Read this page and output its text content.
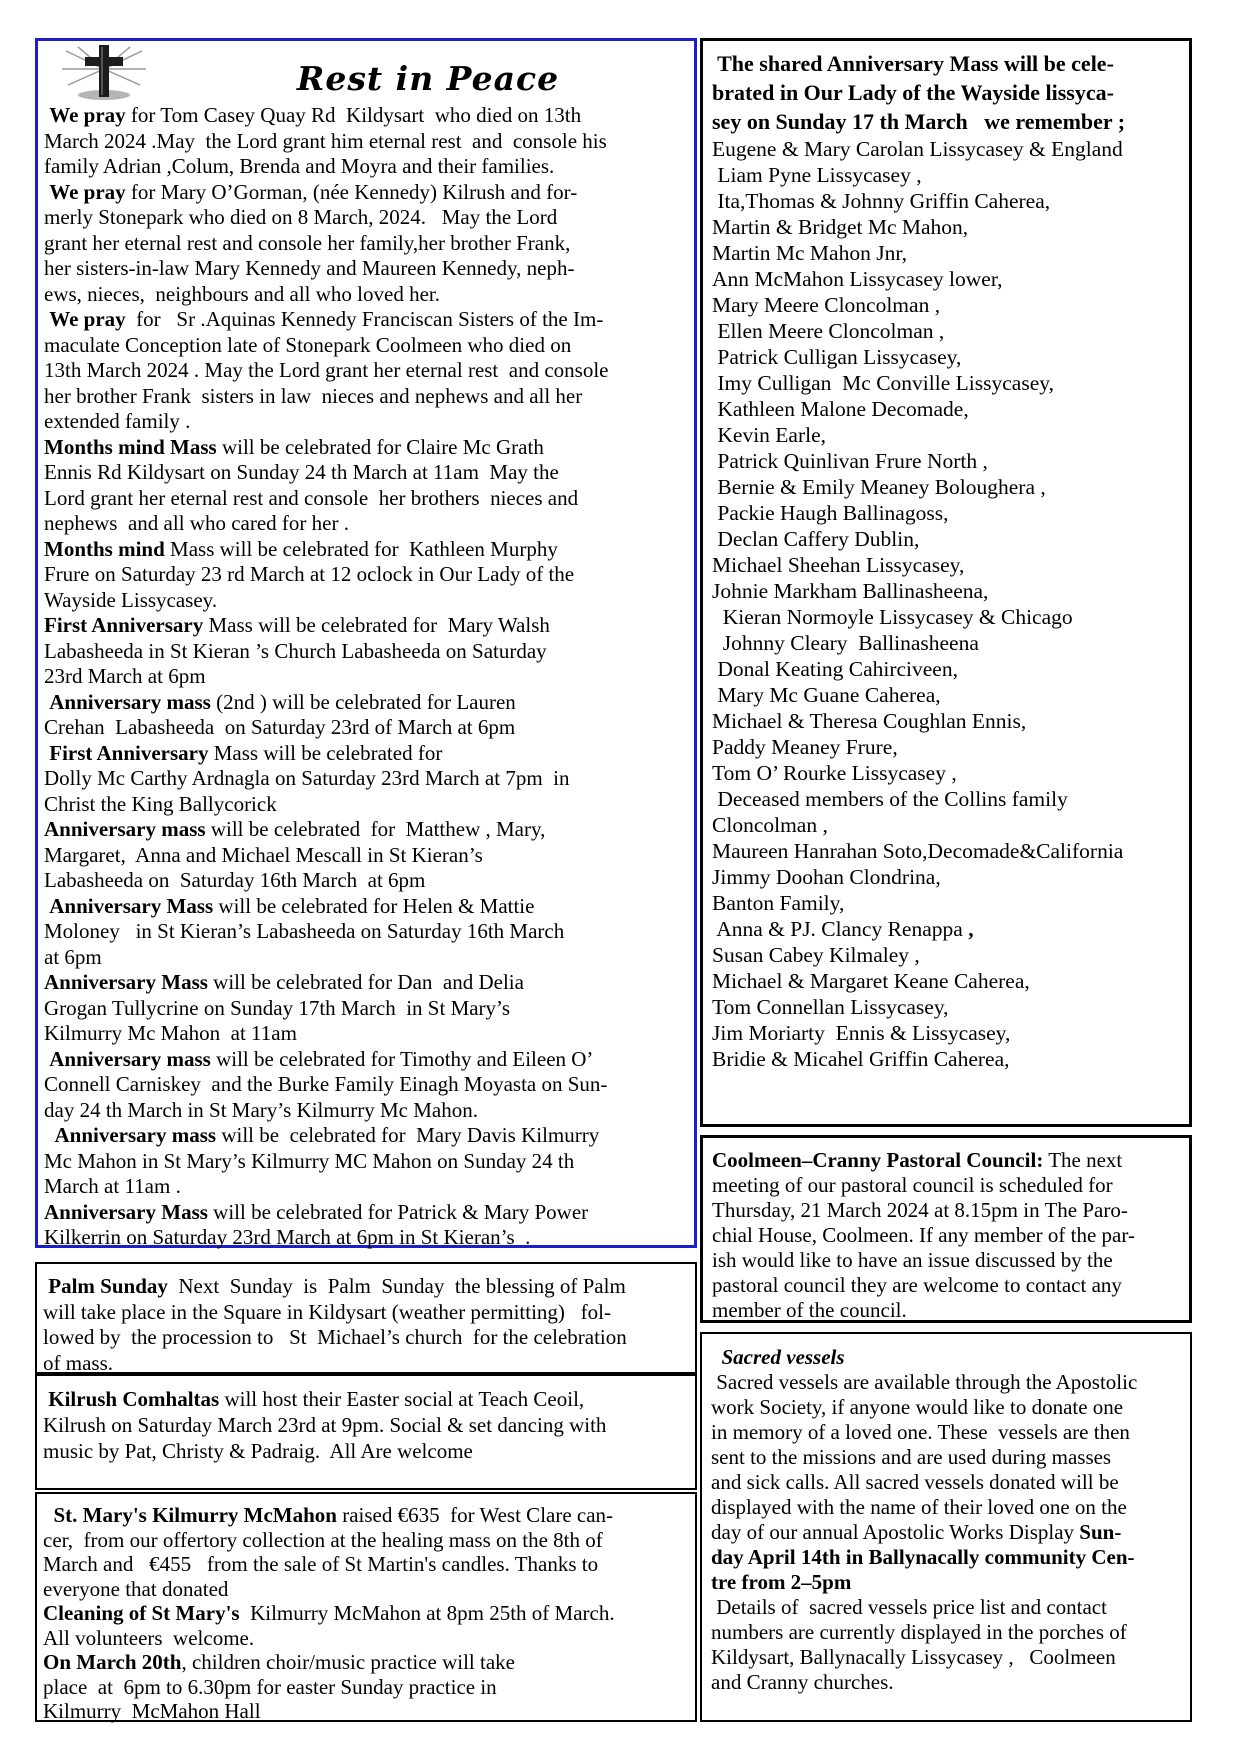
Rest in Peace
We pray for Tom Casey Quay Rd  Kildysart  who died on 13th
March 2024 .May  the Lord grant him eternal rest  and  console his
family Adrian ,Colum, Brenda and Moyra and their families.
We pray for Mary O’Gorman, (née Kennedy) Kilrush and for-
merly Stonepark who died on 8 March, 2024.   May the Lord
grant her eternal rest and console her family,her brother Frank,
her sisters-in-law Mary Kennedy and Maureen Kennedy, neph-
ews, nieces,  neighbours and all who loved her.
We pray  for   Sr .Aquinas Kennedy Franciscan Sisters of the Im-
maculate Conception late of Stonepark Coolmeen who died on
13th March 2024 . May the Lord grant her eternal rest  and console
her brother Frank  sisters in law  nieces and nephews and all her
extended family .
Months mind Mass will be celebrated for Claire Mc Grath
Ennis Rd Kildysart on Sunday 24 th March at 11am  May the
Lord grant her eternal rest and console  her brothers  nieces and
nephews  and all who cared for her .
Months mind Mass will be celebrated for  Kathleen Murphy
Frure on Saturday 23 rd March at 12 oclock in Our Lady of the
Wayside Lissycasey.
First Anniversary Mass will be celebrated for  Mary Walsh
Labasheeda in St Kieran ’s Church Labasheeda on Saturday
23rd March at 6pm
Anniversary mass (2nd ) will be celebrated for Lauren
Crehan  Labasheeda  on Saturday 23rd of March at 6pm
First Anniversary Mass will be celebrated for
Dolly Mc Carthy Ardnagla on Saturday 23rd March at 7pm  in
Christ the King Ballycorick
Anniversary mass will be celebrated  for  Matthew , Mary,
Margaret,  Anna and Michael Mescall in St Kieran’s
Labasheeda on  Saturday 16th March  at 6pm
Anniversary Mass will be celebrated for Helen & Mattie
Moloney   in St Kieran’s Labasheeda on Saturday 16th March
at 6pm
Anniversary Mass will be celebrated for Dan  and Delia
Grogan Tullycrine on Sunday 17th March  in St Mary’s
Kilmurry Mc Mahon  at 11am
Anniversary mass will be celebrated for Timothy and Eileen O’
Connell Carniskey  and the Burke Family Einagh Moyasta on Sun-
day 24 th March in St Mary’s Kilmurry Mc Mahon.
Anniversary mass will be  celebrated for  Mary Davis Kilmurry
Mc Mahon in St Mary’s Kilmurry MC Mahon on Sunday 24 th
March at 11am .
Anniversary Mass will be celebrated for Patrick & Mary Power
Kilkerrin on Saturday 23rd March at 6pm in St Kieran’s  .
Palm Sunday  Next  Sunday  is  Palm  Sunday  the blessing of Palm
will take place in the Square in Kildysart (weather permitting)   fol-
lowed by  the procession to   St  Michael’s church  for the celebration
of mass.
Kilrush Comhaltas will host their Easter social at Teach Ceoil,
Kilrush on Saturday March 23rd at 9pm. Social & set dancing with
music by Pat, Christy & Padraig.  All Are welcome
St. Mary's Kilmurry McMahon raised €635  for West Clare can-
cer,  from our offertory collection at the healing mass on the 8th of
March and   €455   from the sale of St Martin's candles. Thanks to
everyone that donated
Cleaning of St Mary's  Kilmurry McMahon at 8pm 25th of March.
All volunteers  welcome.
On March 20th, children choir/music practice will take
place  at  6pm to 6.30pm for easter Sunday practice in
Kilmurry  McMahon Hall
The shared Anniversary Mass will be cele-
brated in Our Lady of the Wayside lissyca-
sey on Sunday 17 th March   we remember ;
Eugene & Mary Carolan Lissycasey & England
Liam Pyne Lissycasey ,
Ita,Thomas & Johnny Griffin Caherea,
Martin & Bridget Mc Mahon,
Martin Mc Mahon Jnr,
Ann McMahon Lissycasey lower,
Mary Meere Cloncolman ,
Ellen Meere Cloncolman ,
Patrick Culligan Lissycasey,
Imy Culligan  Mc Conville Lissycasey,
Kathleen Malone Decomade,
Kevin Earle,
Patrick Quinlivan Frure North ,
Bernie & Emily Meaney Boloughera ,
Packie Haugh Ballinagoss,
Declan Caffery Dublin,
Michael Sheehan Lissycasey,
Johnie Markham Ballinasheena,
Kieran Normoyle Lissycasey & Chicago
Johnny Cleary  Ballinasheena
Donal Keating Cahirciveen,
Mary Mc Guane Caherea,
Michael & Theresa Coughlan Ennis,
Paddy Meaney Frure,
Tom O’ Rourke Lissycasey ,
Deceased members of the Collins family
Cloncolman ,
Maureen Hanrahan Soto,Decomade&California
Jimmy Doohan Clondrina,
Banton Family,
Anna & PJ. Clancy Renappa ,
Susan Cabey Kilmaley ,
Michael & Margaret Keane Caherea,
Tom Connellan Lissycasey,
Jim Moriarty  Ennis & Lissycasey,
Bridie & Micahel Griffin Caherea,
Coolmeen–Cranny Pastoral Council: The next
meeting of our pastoral council is scheduled for
Thursday, 21 March 2024 at 8.15pm in The Paro-
chial House, Coolmeen. If any member of the par-
ish would like to have an issue discussed by the
pastoral council they are welcome to contact any
member of the council.
Sacred vessels
Sacred vessels are available through the Apostolic
work Society, if anyone would like to donate one
in memory of a loved one. These  vessels are then
sent to the missions and are used during masses
and sick calls. All sacred vessels donated will be
displayed with the name of their loved one on the
day of our annual Apostolic Works Display Sun-
day April 14th in Ballynacally community Cen-
tre from 2–5pm
Details of  sacred vessels price list and contact
numbers are currently displayed in the porches of
Kildysart, Ballynacally Lissycasey ,   Coolmeen
and Cranny churches.
